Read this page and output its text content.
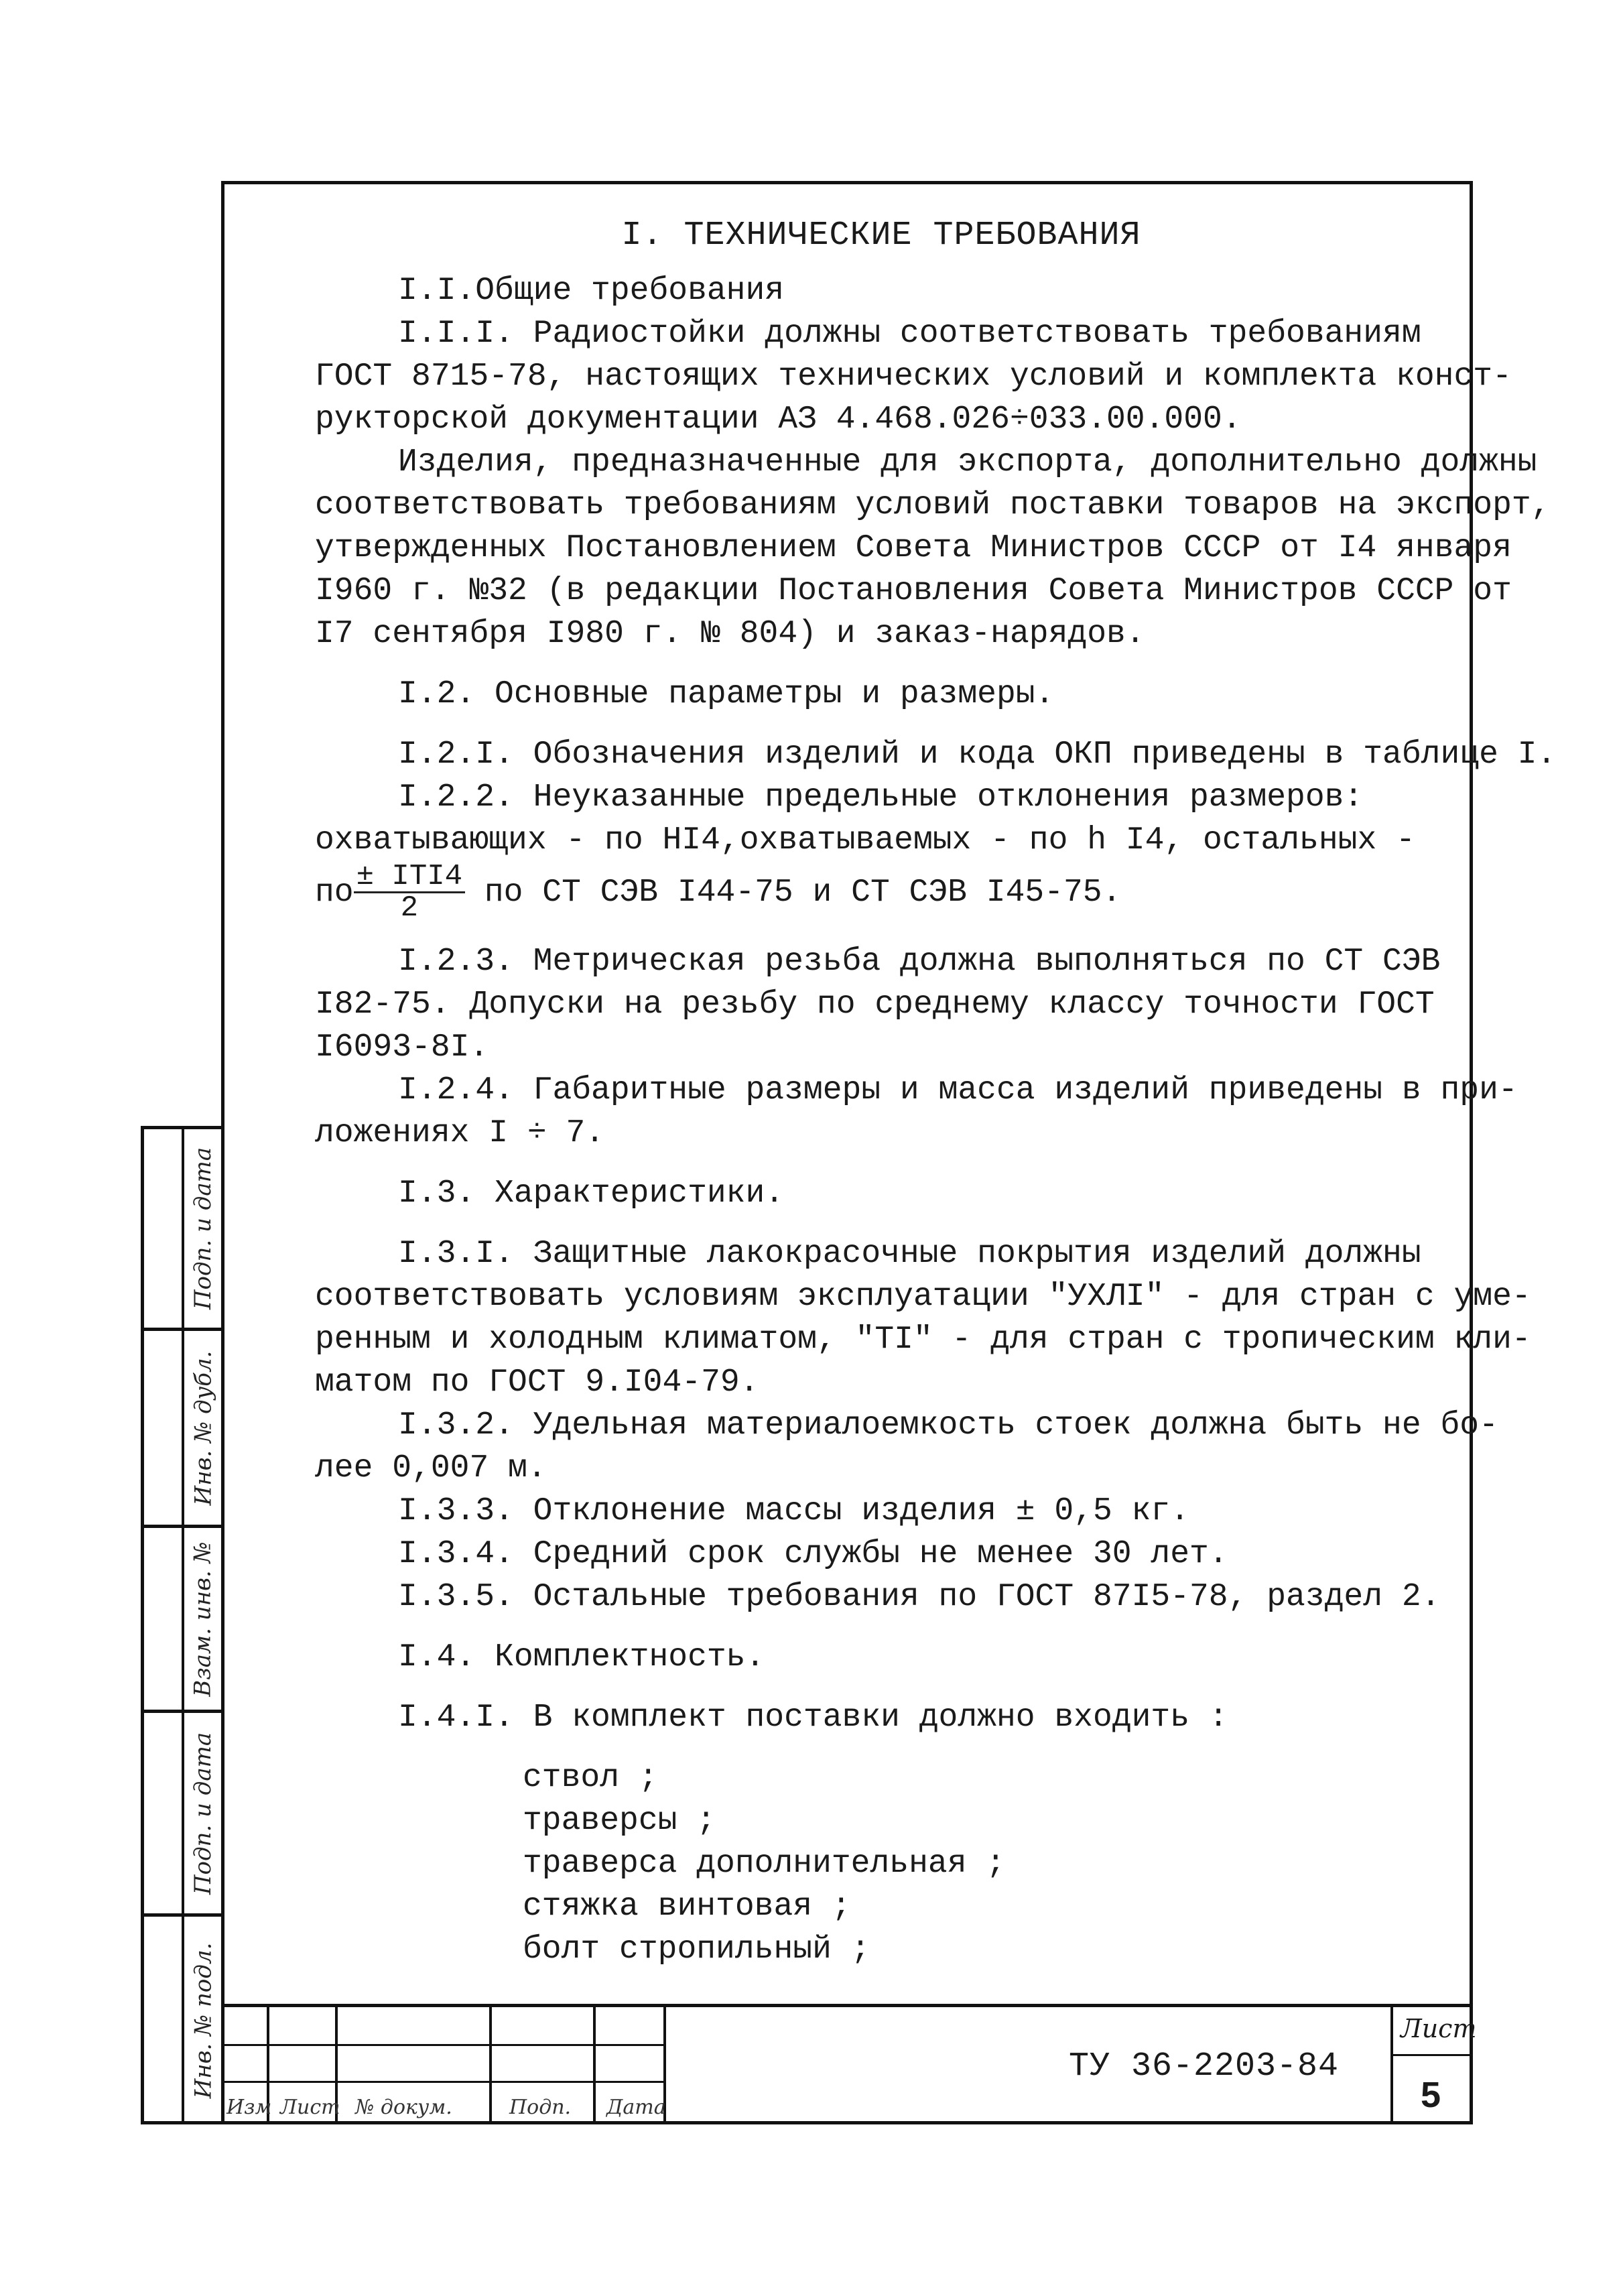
Инв. № подл.
Подп. и дата
Взам. инв. №
Инв. № дубл.
Подп. и дата
I. ТЕХНИЧЕСКИЕ ТРЕБОВАНИЯ
I.I.Общие требования
I.I.I. Радиостойки должны соответствовать требованиям
ГОСТ 8715-78, настоящих технических условий и комплекта конст-
рукторской документации АЗ 4.468.026÷033.00.000.
Изделия, предназначенные для экспорта, дополнительно должны
соответствовать требованиям условий поставки товаров на экспорт,
утвержденных Постановлением Совета Министров СССР от I4 января
I960 г. №32 (в редакции Постановления Совета Министров СССР от
I7 сентября I980 г. № 804) и заказ-нарядов.
I.2. Основные параметры и размеры.
I.2.I. Обозначения изделий и кода ОКП приведены в таблице I.
I.2.2. Неуказанные предельные отклонения размеров:
охватывающих - по HI4,охватываемых - по h I4, остальных -
по $\frac{\text{± IТI4}}{2}$ по СТ СЭВ I44-75 и СТ СЭВ I45-75.
I.2.3. Метрическая резьба должна выполняться по СТ СЭВ
I82-75. Допуски на резьбу по среднему классу точности ГОСТ
I6093-8I.
I.2.4. Габаритные размеры и масса изделий приведены в при-
ложениях I ÷ 7.
I.3. Характеристики.
I.3.I. Защитные лакокрасочные покрытия изделий должны
соответствовать условиям эксплуатации "УХЛI" - для стран с уме-
ренным и холодным климатом, "ТI" - для стран с тропическим кли-
матом по ГОСТ 9.I04-79.
I.3.2. Удельная материалоемкость стоек должна быть не бо-
лее 0,007 м.
I.3.3. Отклонение массы изделия ± 0,5 кг.
I.3.4. Средний срок службы не менее 30 лет.
I.3.5. Остальные требования по ГОСТ 87I5-78, раздел 2.
I.4. Комплектность.
I.4.I. В комплект поставки должно входить :
ствол ;
траверсы ;
траверса дополнительная ;
стяжка винтовая ;
болт стропильный ;
Изм Лист № докум.	Подп. Дата
ТУ 36-2203-84
Лист
5
